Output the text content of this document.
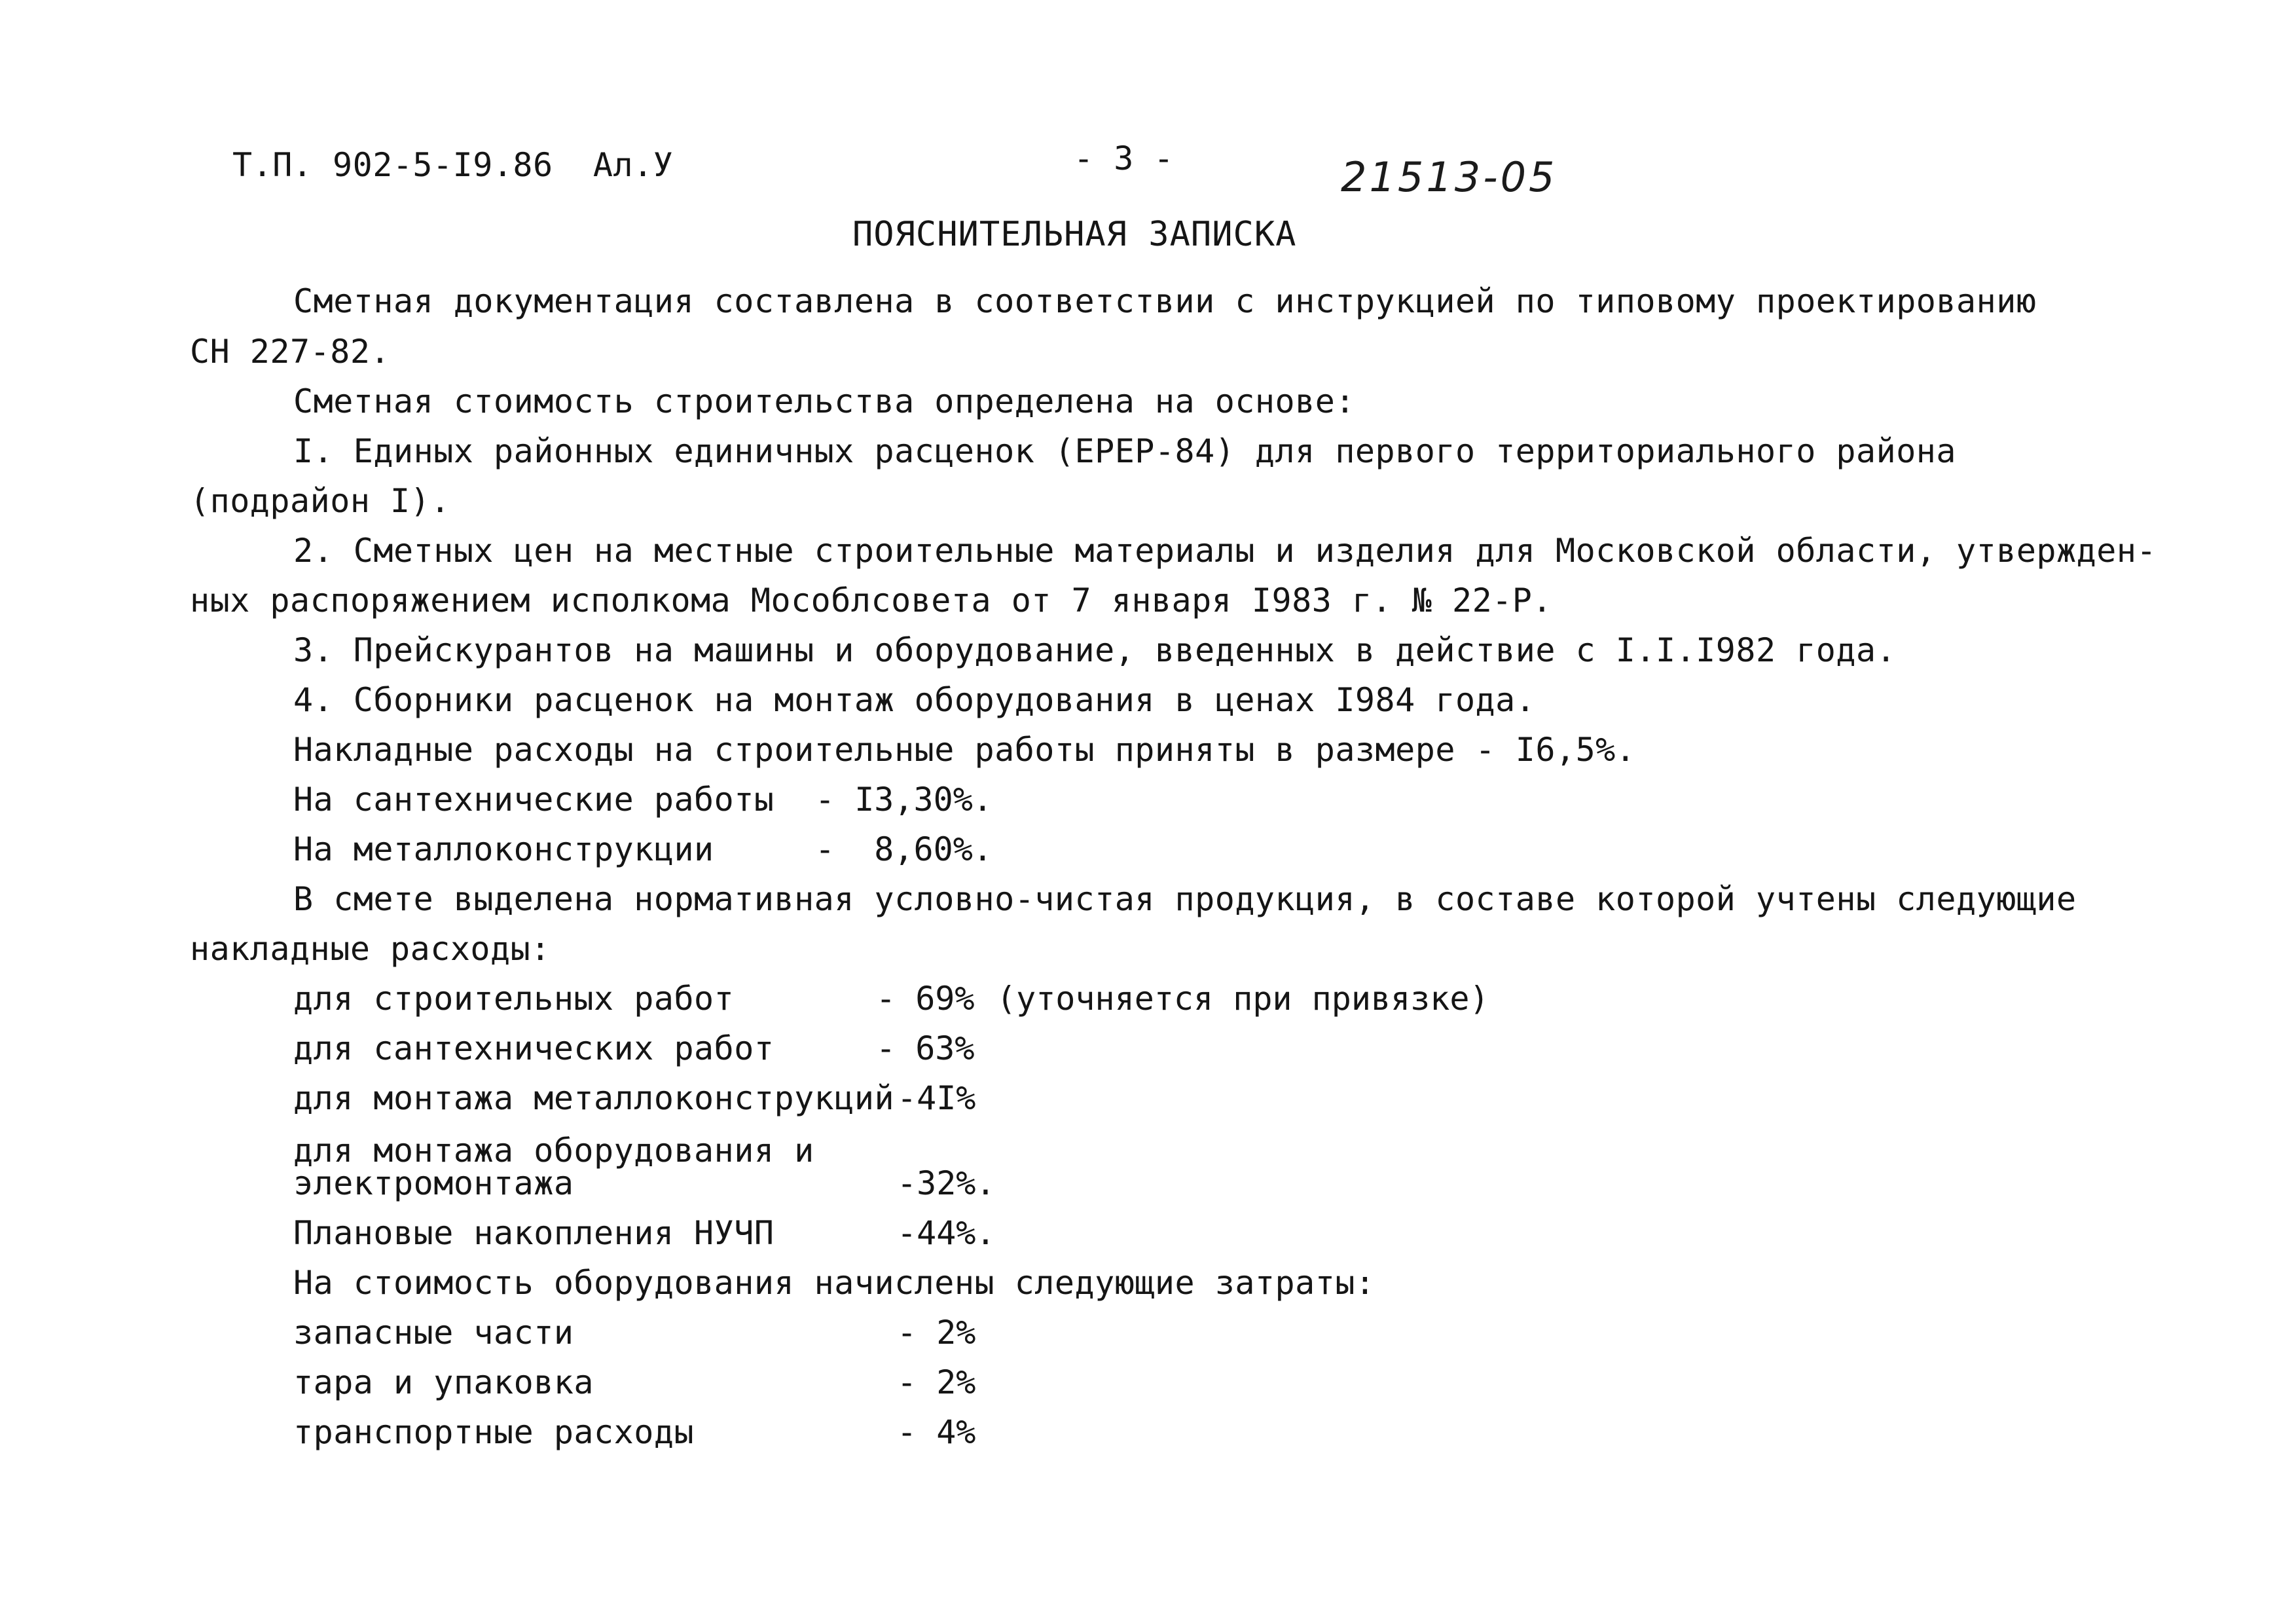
Т.П. 902-5-I9.86  Ал.У	- 3 -	21513-05
ПОЯСНИТЕЛЬНАЯ ЗАПИСКА
Сметная документация составлена в соответствии с инструкцией по типовому проектированию
СН 227-82.
Сметная стоимость строительства определена на основе:
I. Единых районных единичных расценок (ЕРЕР-84) для первого территориального района
(подрайон I).
2. Сметных цен на местные строительные материалы и изделия для Московской области, утвержден-
ных распоряжением исполкома Мособлсовета от 7 января I983 г. № 22-Р.
3. Прейскурантов на машины и оборудование, введенных в действие с I.I.I982 года.
4. Сборники расценок на монтаж оборудования в ценах I984 года.
Накладные расходы на строительные работы приняты в размере - I6,5%.
На сантехнические работы - I3,30%.
На металлоконструкции	-  8,60%.
В смете выделена нормативная условно-чистая продукция, в составе которой учтены следующие
накладные расходы:
для строительных работ	- 69% (уточняется при привязке)
для сантехнических работ	- 63%
для монтажа металлоконструкций -4I%
для монтажа оборудования и
электромонтажа	-32%.
Плановые накопления НУЧП	-44%.
На стоимость оборудования начислены следующие затраты:
запасные части	- 2%
тара и упаковка	- 2%
транспортные расходы	- 4%
